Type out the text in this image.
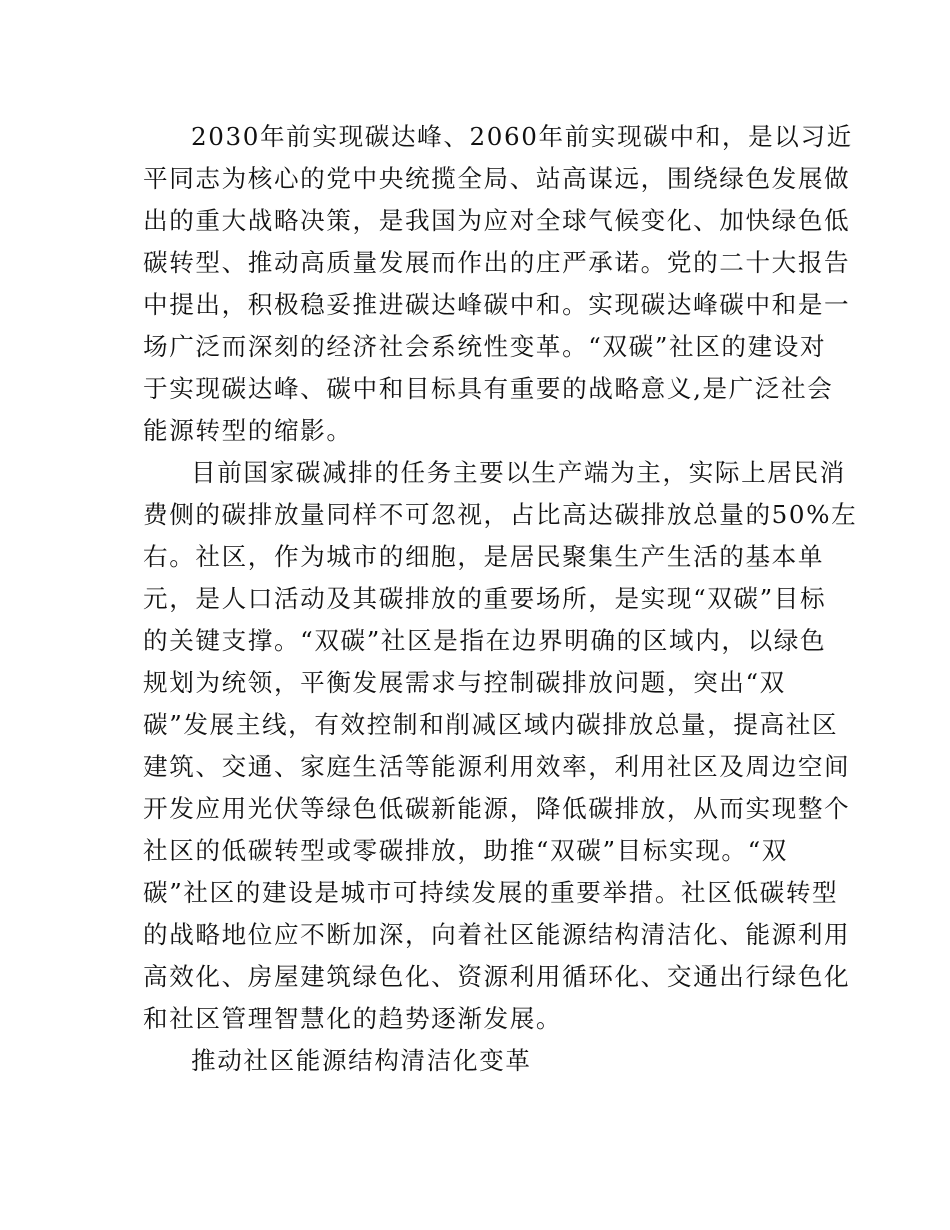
2030年前实现碳达峰、2060年前实现碳中和，是以习近
平同志为核心的党中央统揽全局、站高谋远，围绕绿色发展做
出的重大战略决策，是我国为应对全球气候变化、加快绿色低
碳转型、推动高质量发展而作出的庄严承诺。党的二十大报告
中提出，积极稳妥推进碳达峰碳中和。实现碳达峰碳中和是一
场广泛而深刻的经济社会系统性变革。“双碳”社区的建设对
于实现碳达峰、碳中和目标具有重要的战略意义,是广泛社会
能源转型的缩影。
目前国家碳减排的任务主要以生产端为主，实际上居民消
费侧的碳排放量同样不可忽视，占比高达碳排放总量的50%左
右。社区，作为城市的细胞，是居民聚集生产生活的基本单
元，是人口活动及其碳排放的重要场所，是实现“双碳”目标
的关键支撑。“双碳”社区是指在边界明确的区域内，以绿色
规划为统领，平衡发展需求与控制碳排放问题，突出“双
碳”发展主线，有效控制和削减区域内碳排放总量，提高社区
建筑、交通、家庭生活等能源利用效率，利用社区及周边空间
开发应用光伏等绿色低碳新能源，降低碳排放，从而实现整个
社区的低碳转型或零碳排放，助推“双碳”目标实现。“双
碳”社区的建设是城市可持续发展的重要举措。社区低碳转型
的战略地位应不断加深，向着社区能源结构清洁化、能源利用
高效化、房屋建筑绿色化、资源利用循环化、交通出行绿色化
和社区管理智慧化的趋势逐渐发展。
推动社区能源结构清洁化变革
